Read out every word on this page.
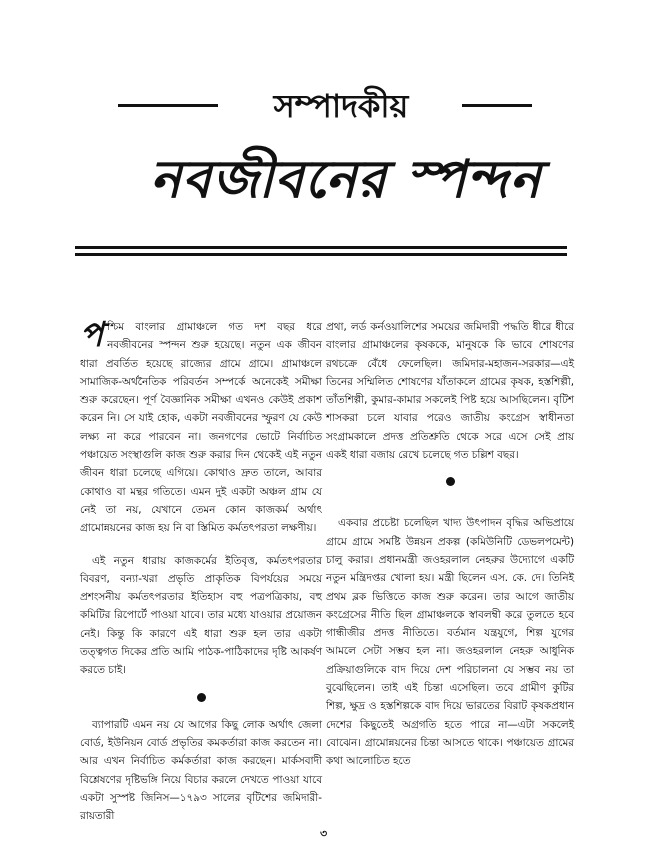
সম্পাদকীয়
নবজীবনের স্পন্দন

প শ্চিম বাংলার গ্রামাঞ্চলে গত দশ বছর ধরে নবজীবনের স্পন্দন শুরু হয়েছে। নতুন এক জীবন ধারা প্রবর্তিত হয়েছে রাজ্যের গ্রামে গ্রামে। গ্রামাঞ্চলে সামাজিক-অর্থনৈতিক পরিবর্তন সম্পর্কে অনেকেই সমীক্ষা শুরু করেছেন। পূর্ণ বৈজ্ঞানিক সমীক্ষা এখনও কেউই প্রকাশ করেন নি। সে যাই হোক, একটা নবজীবনের স্ফুরণ যে কেউ লক্ষ্য না করে পারবেন না। জনগণের ভোটে নির্বাচিত পঞ্চায়েত সংস্থাগুলি কাজ শুরু করার দিন থেকেই এই নতুন জীবন ধারা চলেছে এগিয়ে। কোথাও দ্রুত তালে, আবার কোথাও বা মন্থর গতিতে। এমন দুই একটা অঞ্চল গ্রাম যে নেই তা নয়, যেখানে তেমন কোন কাজকর্ম অর্থাৎ গ্রামোন্নয়নের কাজ হয় নি বা স্তিমিত কর্মতৎপরতা লক্ষণীয়।

এই নতুন ধারায় কাজকর্মের ইতিবৃত্ত, কর্মতৎপরতার বিবরণ, বন্যা-খরা প্রভৃতি প্রাকৃতিক বিপর্যয়ের সময়ে প্রশংসনীয় কর্মতৎপরতার ইতিহাস বহু পত্রপত্রিকায়, বহু কমিটির রিপোর্টে পাওয়া যাবে। তার মধ্যে যাওয়ার প্রয়োজন নেই। কিন্তু কি কারণে এই ধারা শুরু হল তার একটা তত্ত্বগত দিকের প্রতি আমি পাঠক-পাঠিকাদের দৃষ্টি আকর্ষণ করতে চাই।

ব্যাপারটি এমন নয় যে আগের কিছু লোক অর্থাৎ জেলা বোর্ড, ইউনিয়ন বোর্ড প্রভৃতির কমকর্তারা কাজ করতেন না। আর এখন নির্বাচিত কর্মকর্তারা কাজ করছেন। মার্কসবাদী বিশ্লেষণের দৃষ্টিভঙ্গি নিয়ে বিচার করলে দেখতে পাওয়া যাবে একটা সুস্পষ্ট জিনিস—১৭৯৩ সালের বৃটিশের জমিদারী-রায়তারী

প্রথা, লর্ড কর্নওয়ালিশের সময়ের জমিদারী পদ্ধতি ধীরে ধীরে বাংলার গ্রামাঞ্চলের কৃষককে, মানুষকে কি ভাবে শোষণের রথচক্রে বেঁধে ফেলেছিল। জমিদার-মহাজন-সরকার—এই তিনের সম্মিলিত শোষণের যাঁতাকলে গ্রামের কৃষক, হস্তশিল্পী, তাঁতশিল্পী, কুমার-কামার সকলেই পিষ্ট হয়ে আসছিলেন। বৃটিশ শাসকরা চলে যাবার পরেও জাতীয় কংগ্রেস স্বাধীনতা সংগ্রামকালে প্রদত্ত প্রতিশ্রুতি থেকে সরে এসে সেই প্রায় একই ধারা বজায় রেখে চলেছে গত চল্লিশ বছর।

একবার প্রচেষ্টা চলেছিল খাদ্য উৎপাদন বৃদ্ধির অভিপ্রায়ে গ্রামে গ্রামে সমষ্টি উন্নয়ন প্রকল্প (কমিউনিটি ডেভলপমেন্ট) চালু করার। প্রধানমন্ত্রী জওহরলাল নেহরুর উদ্যোগে একটি নতুন মন্ত্রিদপ্তর খোলা হয়। মন্ত্রী ছিলেন এস. কে. দে। তিনিই প্রথম ব্লক ভিত্তিতে কাজ শুরু করেন। তার আগে জাতীয় কংগ্রেসের নীতি ছিল গ্রামাঞ্চলকে স্বাবলম্বী করে তুলতে হবে গান্ধীজীর প্রদত্ত নীতিতে। বর্তমান যন্ত্রযুগে, শিল্প যুগের আমলে সেটা সম্ভব হল না। জওহরলাল নেহরু আধুনিক প্রক্রিয়াগুলিকে বাদ দিয়ে দেশ পরিচালনা যে সম্ভব নয় তা বুঝেছিলেন। তাই এই চিন্তা এসেছিল। তবে গ্রামীণ কুটির শিল্প, ক্ষুদ্র ও হস্তশিল্পকে বাদ দিয়ে ভারতের বিরাট কৃষকপ্রধান দেশের কিছুতেই অগ্রগতি হতে পারে না—এটা সকলেই বোঝেন। গ্রামোন্নয়নের চিন্তা আসতে থাকে। পঞ্চায়েত গ্রামের কথা আলোচিত হতে

৩
